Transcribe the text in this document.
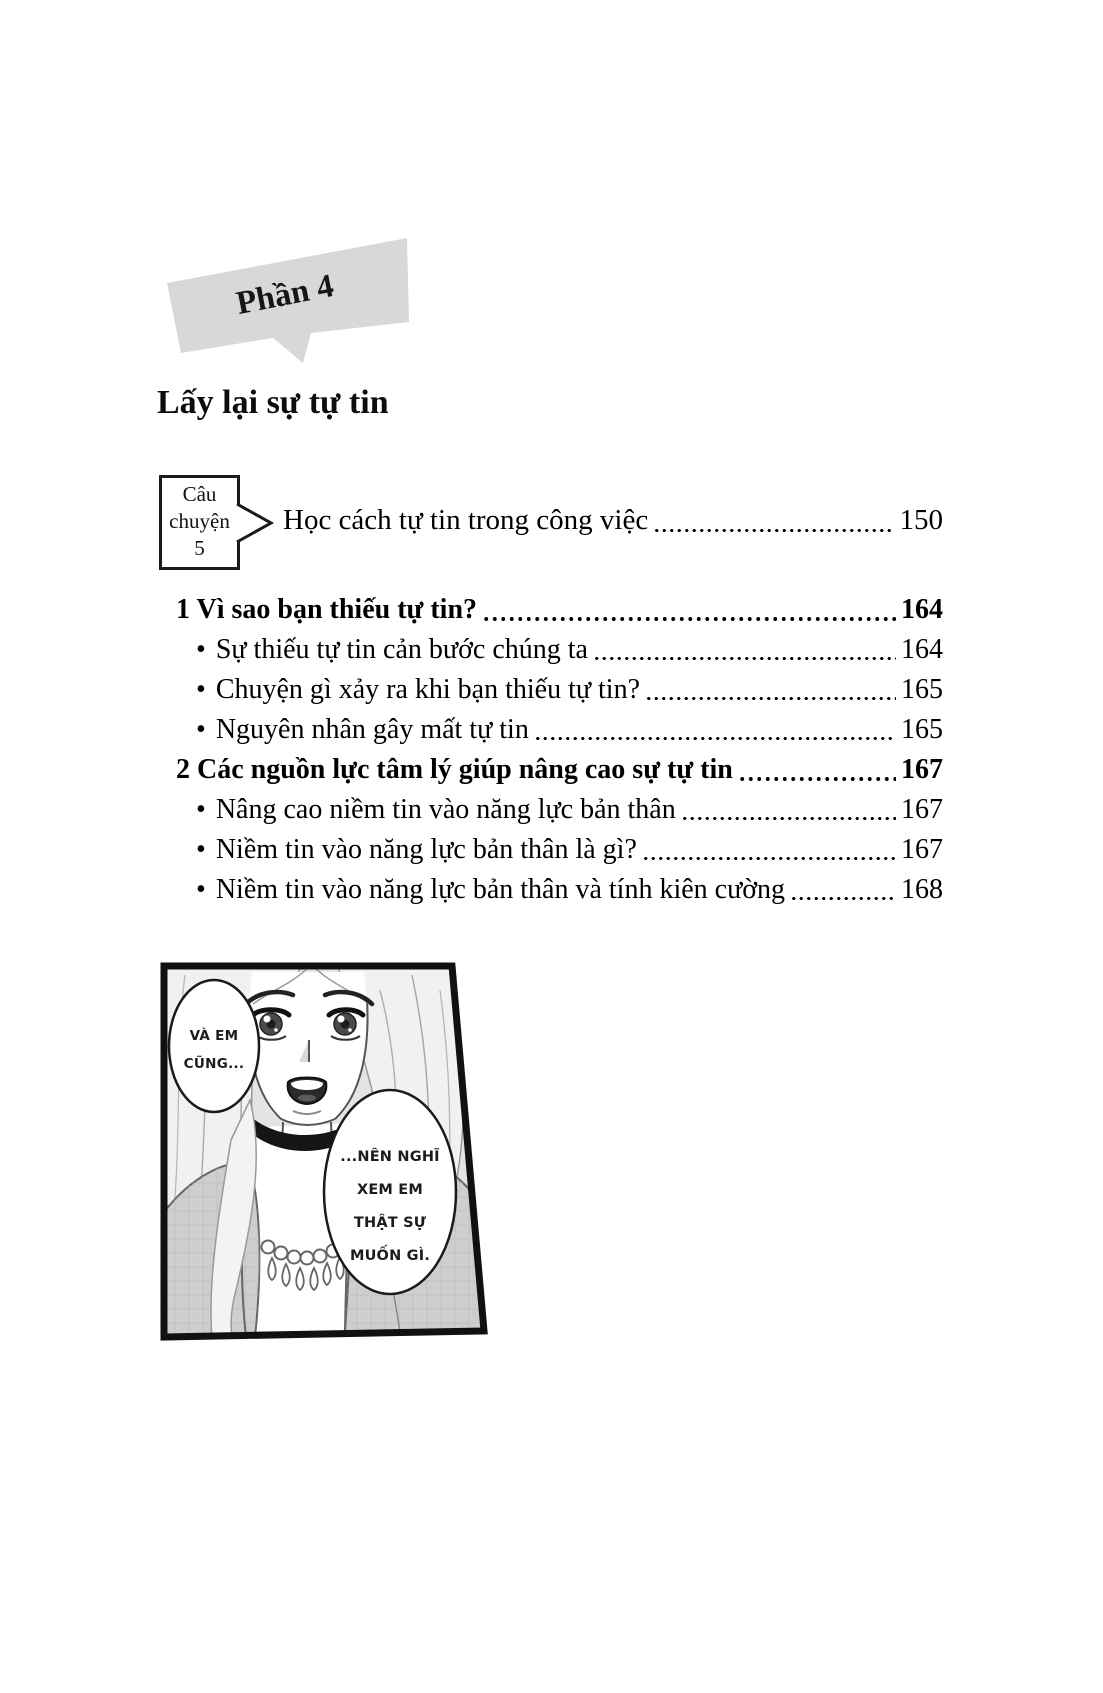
Phần 4
Lấy lại sự tự tin
Câu
chuyện
5
Học cách tự tin trong công việc	150
1 Vì sao bạn thiếu tự tin?	164
• Sự thiếu tự tin cản bước chúng ta	164
• Chuyện gì xảy ra khi bạn thiếu tự tin?	165
• Nguyên nhân gây mất tự tin	165
2 Các nguồn lực tâm lý giúp nâng cao sự tự tin	167
• Nâng cao niềm tin vào năng lực bản thân	167
• Niềm tin vào năng lực bản thân là gì?	167
• Niềm tin vào năng lực bản thân và tính kiên cường	168
VÀ EM
CŨNG...
...NÊN NGHĨ
XEM EM
THẬT SỰ
MUỐN GÌ.
